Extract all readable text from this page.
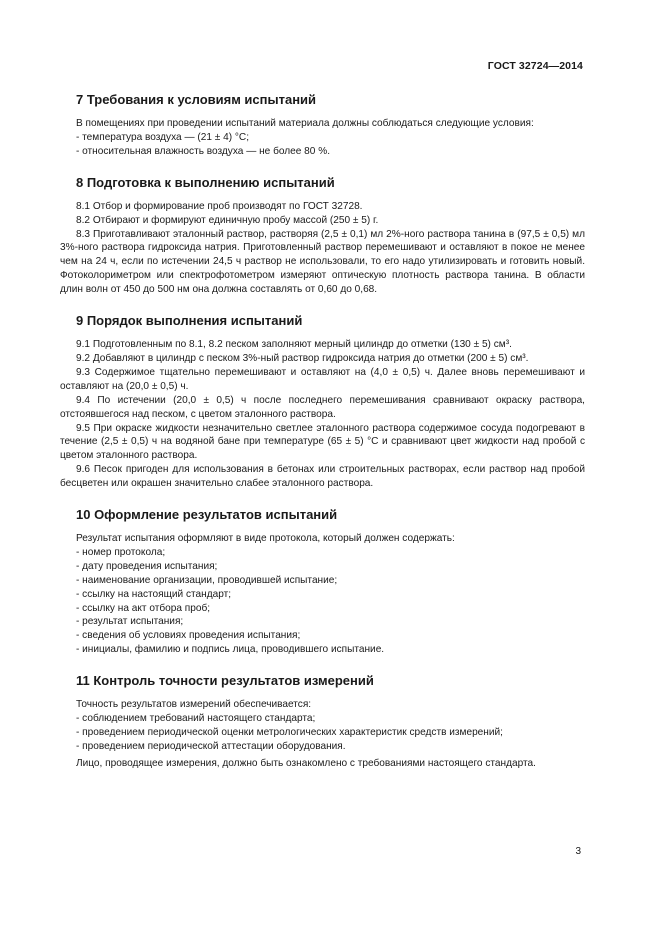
ГОСТ 32724—2014
7 Требования к условиям испытаний

В помещениях при проведении испытаний материала должны соблюдаться следующие условия:

- температура воздуха — (21 ± 4) °С;

- относительная влажность воздуха — не более 80 %.

8 Подготовка к выполнению испытаний

8.1 Отбор и формирование проб производят по ГОСТ 32728.

8.2 Отбирают и формируют единичную пробу массой (250 ± 5) г.

8.3 Приготавливают эталонный раствор, растворяя (2,5 ± 0,1) мл 2%-ного раствора танина в (97,5 ± 0,5) мл 3%-ного раствора гидроксида натрия. Приготовленный раствор перемешивают и оставляют в покое не менее чем на 24 ч, если по истечении 24,5 ч раствор не использовали, то его надо утилизировать и готовить новый. Фотоколориметром или спектрофотометром измеряют оптическую плотность раствора танина. В области длин волн от 450 до 500 нм она должна составлять от 0,60 до 0,68.

9 Порядок выполнения испытаний

9.1 Подготовленным по 8.1, 8.2 песком заполняют мерный цилиндр до отметки (130 ± 5) см³.

9.2 Добавляют в цилиндр с песком 3%-ный раствор гидроксида натрия до отметки (200 ± 5) см³.

9.3 Содержимое тщательно перемешивают и оставляют на (4,0 ± 0,5) ч. Далее вновь перемешивают и оставляют на (20,0 ± 0,5) ч.

9.4 По истечении (20,0 ± 0,5) ч после последнего перемешивания сравнивают окраску раствора, отстоявшегося над песком, с цветом эталонного раствора.

9.5 При окраске жидкости незначительно светлее эталонного раствора содержимое сосуда подогревают в течение (2,5 ± 0,5) ч на водяной бане при температуре (65 ± 5) °С и сравнивают цвет жидкости над пробой с цветом эталонного раствора.

9.6 Песок пригоден для использования в бетонах или строительных растворах, если раствор над пробой бесцветен или окрашен значительно слабее эталонного раствора.

10 Оформление результатов испытаний

Результат испытания оформляют в виде протокола, который должен содержать:

- номер протокола;

- дату проведения испытания;

- наименование организации, проводившей испытание;

- ссылку на настоящий стандарт;

- ссылку на акт отбора проб;

- результат испытания;

- сведения об условиях проведения испытания;

- инициалы, фамилию и подпись лица, проводившего испытание.

11 Контроль точности результатов измерений

Точность результатов измерений обеспечивается:

- соблюдением требований настоящего стандарта;

- проведением периодической оценки метрологических характеристик средств измерений;

- проведением периодической аттестации оборудования.

Лицо, проводящее измерения, должно быть ознакомлено с требованиями настоящего стандарта.

3
